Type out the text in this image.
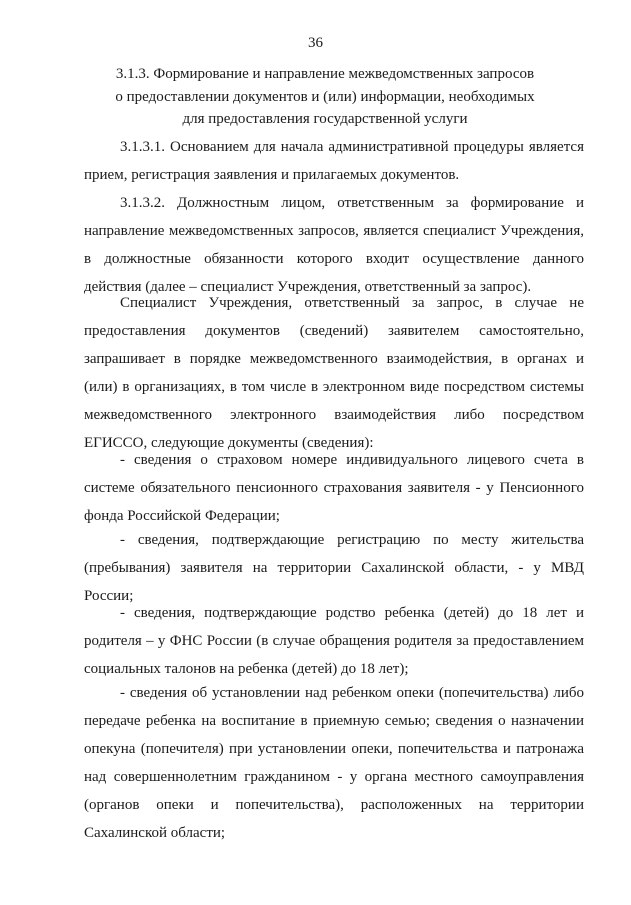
36
3.1.3. Формирование и направление межведомственных запросов
о предоставлении документов и (или) информации, необходимых
для предоставления государственной услуги
3.1.3.1. Основанием для начала административной процедуры является
прием, регистрация заявления и прилагаемых документов.
3.1.3.2. Должностным лицом, ответственным за формирование и
направление межведомственных запросов, является специалист Учреждения,
в должностные обязанности которого входит осуществление данного
действия (далее – специалист Учреждения, ответственный за запрос).
Специалист Учреждения, ответственный за запрос, в случае не
предоставления документов (сведений) заявителем самостоятельно,
запрашивает в порядке межведомственного взаимодействия, в органах и
(или) в организациях, в том числе в электронном виде посредством системы
межведомственного электронного взаимодействия либо посредством
ЕГИССО, следующие документы (сведения):
- сведения о страховом номере индивидуального лицевого счета в
системе обязательного пенсионного страхования заявителя - у Пенсионного
фонда Российской Федерации;
- сведения, подтверждающие регистрацию по месту жительства
(пребывания) заявителя на территории Сахалинской области, - у МВД
России;
- сведения, подтверждающие родство ребенка (детей) до 18 лет и
родителя – у ФНС России (в случае обращения родителя за предоставлением
социальных талонов на ребенка (детей) до 18 лет);
- сведения об установлении над ребенком опеки (попечительства) либо
передаче ребенка на воспитание в приемную семью; сведения о назначении
опекуна (попечителя) при установлении опеки, попечительства и патронажа
над совершеннолетним гражданином - у органа местного самоуправления
(органов опеки и попечительства), расположенных на территории
Сахалинской области;
